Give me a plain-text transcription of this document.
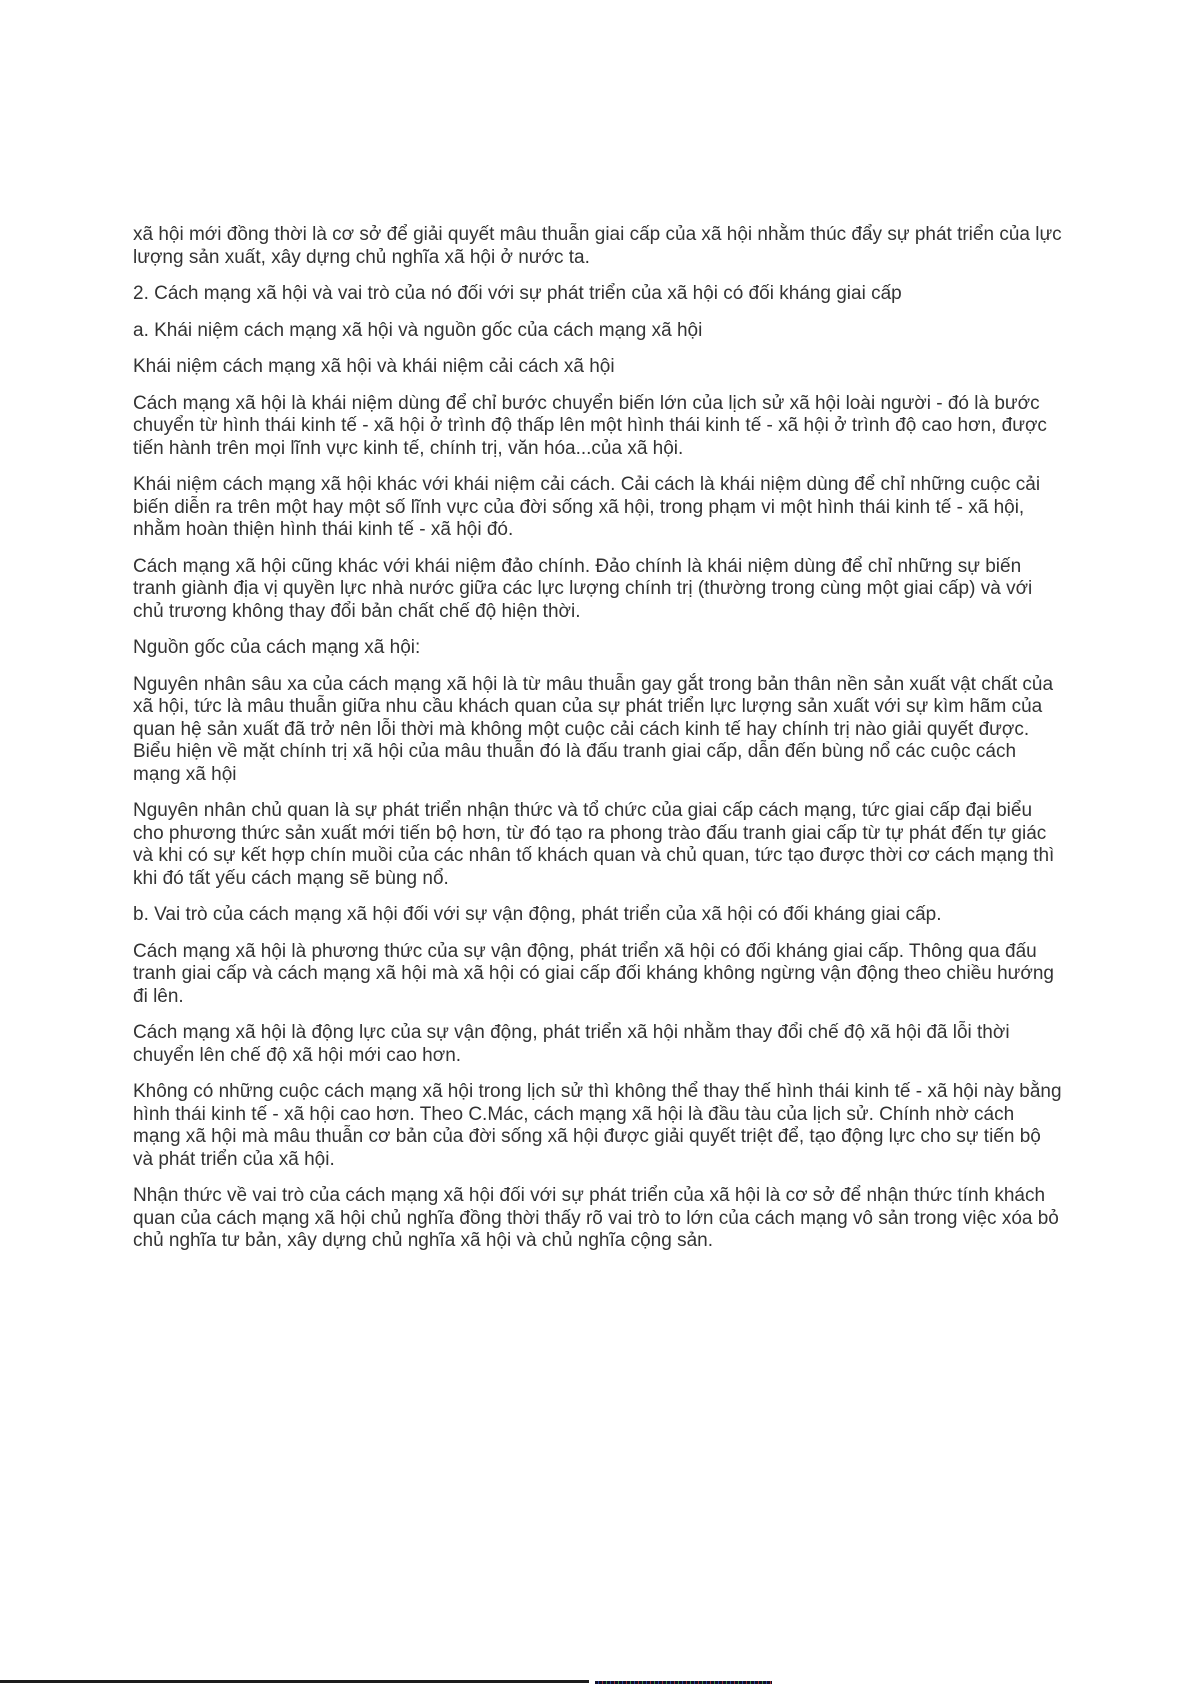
xã hội mới đồng thời là cơ sở để giải quyết mâu thuẫn giai cấp của xã hội nhằm thúc đẩy sự phát triển của lực lượng sản xuất, xây dựng chủ nghĩa xã hội ở nước ta.

2. Cách mạng xã hội và vai trò của nó đối với sự phát triển của xã hội có đối kháng giai cấp

a. Khái niệm cách mạng xã hội và nguồn gốc của cách mạng xã hội

Khái niệm cách mạng xã hội và khái niệm cải cách xã hội

Cách mạng xã hội là khái niệm dùng để chỉ bước chuyển biến lớn của lịch sử xã hội loài người - đó là bước chuyển từ hình thái kinh tế - xã hội ở trình độ thấp lên một hình thái kinh tế - xã hội ở trình độ cao hơn, được tiến hành trên mọi lĩnh vực kinh tế, chính trị, văn hóa...của xã hội.

Khái niệm cách mạng xã hội khác với khái niệm cải cách. Cải cách là khái niệm dùng để chỉ những cuộc cải biến diễn ra trên một hay một số lĩnh vực của đời sống xã hội, trong phạm vi một hình thái kinh tế - xã hội, nhằm hoàn thiện hình thái kinh tế - xã hội đó.

Cách mạng xã hội cũng khác với khái niệm đảo chính. Đảo chính là khái niệm dùng để chỉ những sự biến tranh giành địa vị quyền lực nhà nước giữa các lực lượng chính trị (thường trong cùng một giai cấp) và với chủ trương không thay đổi bản chất chế độ hiện thời.

Nguồn gốc của cách mạng xã hội:

Nguyên nhân sâu xa của cách mạng xã hội là từ mâu thuẫn gay gắt trong bản thân nền sản xuất vật chất của xã hội, tức là mâu thuẫn giữa nhu cầu khách quan của sự phát triển lực lượng sản xuất với sự kìm hãm của quan hệ sản xuất đã trở nên lỗi thời mà không một cuộc cải cách kinh tế hay chính trị nào giải quyết được. Biểu hiện về mặt chính trị xã hội của mâu thuẫn đó là đấu tranh giai cấp, dẫn đến bùng nổ các cuộc cách mạng xã hội

Nguyên nhân chủ quan là sự phát triển nhận thức và tổ chức của giai cấp cách mạng, tức giai cấp đại biểu cho phương thức sản xuất mới tiến bộ hơn, từ đó tạo ra phong trào đấu tranh giai cấp từ tự phát đến tự giác và khi có sự kết hợp chín muồi của các nhân tố khách quan và chủ quan, tức tạo được thời cơ cách mạng thì khi đó tất yếu cách mạng sẽ bùng nổ.

b. Vai trò của cách mạng xã hội đối với sự vận động, phát triển của xã hội có đối kháng giai cấp.

Cách mạng xã hội là phương thức của sự vận động, phát triển xã hội có đối kháng giai cấp. Thông qua đấu tranh giai cấp và cách mạng xã hội mà xã hội có giai cấp đối kháng không ngừng vận động theo chiều hướng đi lên.

Cách mạng xã hội là động lực của sự vận động, phát triển xã hội nhằm thay đổi chế độ xã hội đã lỗi thời chuyển lên chế độ xã hội mới cao hơn.

Không có những cuộc cách mạng xã hội trong lịch sử thì không thể thay thế hình thái kinh tế - xã hội này bằng hình thái kinh tế - xã hội cao hơn. Theo C.Mác, cách mạng xã hội là đầu tàu của lịch sử. Chính nhờ cách mạng xã hội mà mâu thuẫn cơ bản của đời sống xã hội được giải quyết triệt để, tạo động lực cho sự tiến bộ và phát triển của xã hội.

Nhận thức về vai trò của cách mạng xã hội đối với sự phát triển của xã hội là cơ sở để nhận thức tính khách quan của cách mạng xã hội chủ nghĩa đồng thời thấy rõ vai trò to lớn của cách mạng vô sản trong việc xóa bỏ chủ nghĩa tư bản, xây dựng chủ nghĩa xã hội và chủ nghĩa cộng sản.
